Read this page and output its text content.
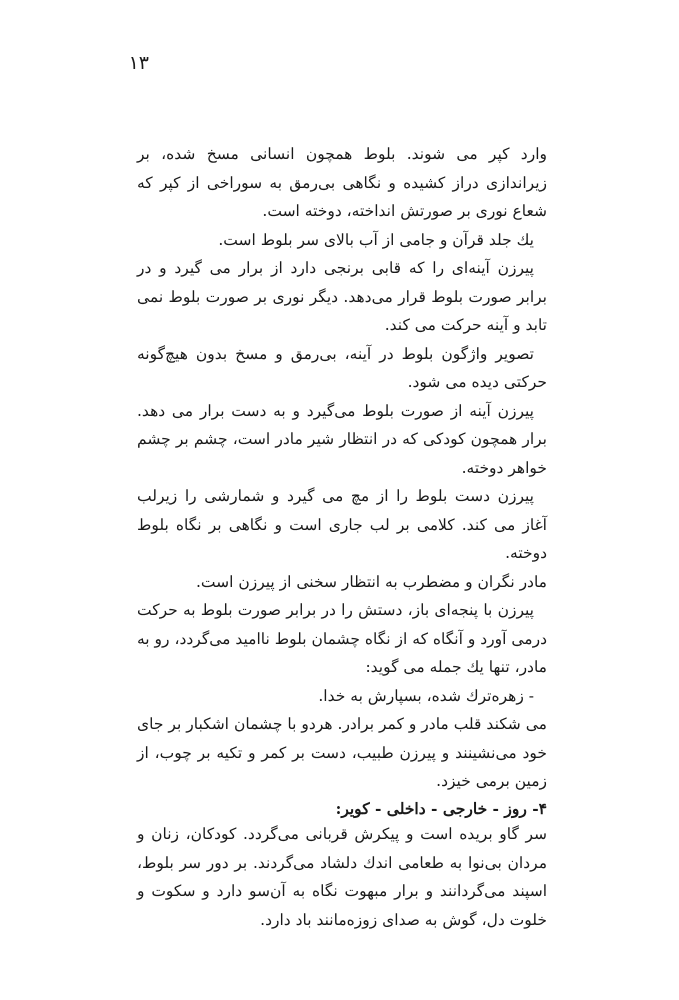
۱۳

وارد کپر می شوند. بلوط همچون انسانی مسخ شده، بر زیراندازی دراز کشیده و نگاهی بی‌رمق به سوراخی از کپر که شعاع نوری بر صورتش انداخته، دوخته است.

یك جلد قرآن و جامی از آب بالای سر بلوط است.

پیرزن آینه‌ای را که قابی برنجی دارد از برار می گیرد و در برابر صورت بلوط قرار می‌دهد. دیگر نوری بر صورت بلوط نمی تابد و آینه حرکت می کند.

تصویر واژگون بلوط در آینه، بی‌رمق و مسخ بدون هیچ‌گونه حرکتی دیده می شود.

پیرزن آینه از صورت بلوط می‌گیرد و به دست برار می دهد. برار همچون کودکی که در انتظار شیر مادر است، چشم بر چشم خواهر دوخته.

پیرزن دست بلوط را از مچ می گیرد و شمارشی را زیرلب آغاز می کند. کلامی بر لب جاری است و نگاهی بر نگاه بلوط دوخته.

مادر نگران و مضطرب به انتظار سخنی از پیرزن است.

پیرزن با پنجه‌ای باز، دستش را در برابر صورت بلوط به حرکت درمی آورد و آنگاه که از نگاه چشمان بلوط ناامید می‌گردد، رو به مادر، تنها یك جمله می گوید:

- زهره‌ترك شده، بسپارش به خدا.

می شکند قلب مادر و کمر برادر. هردو با چشمان اشکبار بر جای خود می‌نشینند و پیرزن طبیب، دست بر کمر و تکیه بر چوب، از زمین برمی خیزد.

۴- روز - خارجی - داخلی - کویر:
سر گاو بریده است و پیکرش قربانی می‌گردد. کودکان، زنان و مردان بی‌نوا به طعامی اندك دلشاد می‌گردند. بر دور سر بلوط، اسپند می‌گردانند و برار مبهوت نگاه به آن‌سو دارد و سکوت و خلوت دل، گوش به صدای زوزه‌مانند باد دارد.
